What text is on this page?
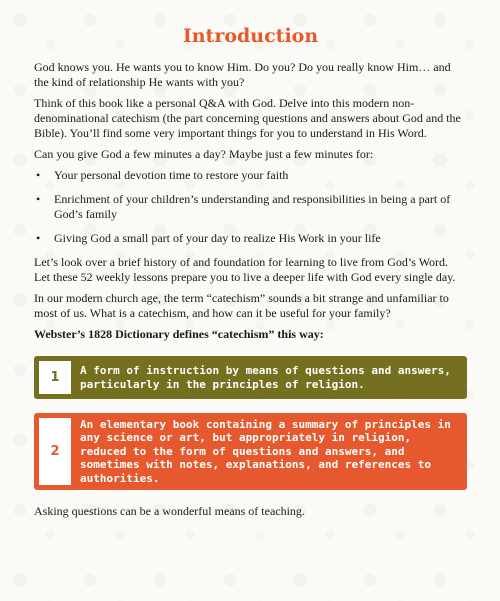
Introduction

God knows you. He wants you to know Him. Do you? Do you really know Him… and the kind of relationship He wants with you?

Think of this book like a personal Q&A with God. Delve into this modern non-denominational catechism (the part concerning questions and answers about God and the Bible). You’ll find some very important things for you to understand in His Word.

Can you give God a few minutes a day? Maybe just a few minutes for:

• Your personal devotion time to restore your faith
• Enrichment of your children’s understanding and responsibilities in being a part of God’s family
• Giving God a small part of your day to realize His Work in your life

Let’s look over a brief history of and foundation for learning to live from God’s Word. Let these 52 weekly lessons prepare you to live a deeper life with God every single day.

In our modern church age, the term “catechism” sounds a bit strange and unfamiliar to most of us. What is a catechism, and how can it be useful for your family?

Webster’s 1828 Dictionary defines “catechism” this way:

1	A form of instruction by means of questions and answers, particularly in the principles of religion.
2
An elementary book containing a summary of principles in any science or art, but appropriately in religion, reduced to the form of questions and answers, and sometimes with notes, explanations, and references to authorities.

Asking questions can be a wonderful means of teaching.
